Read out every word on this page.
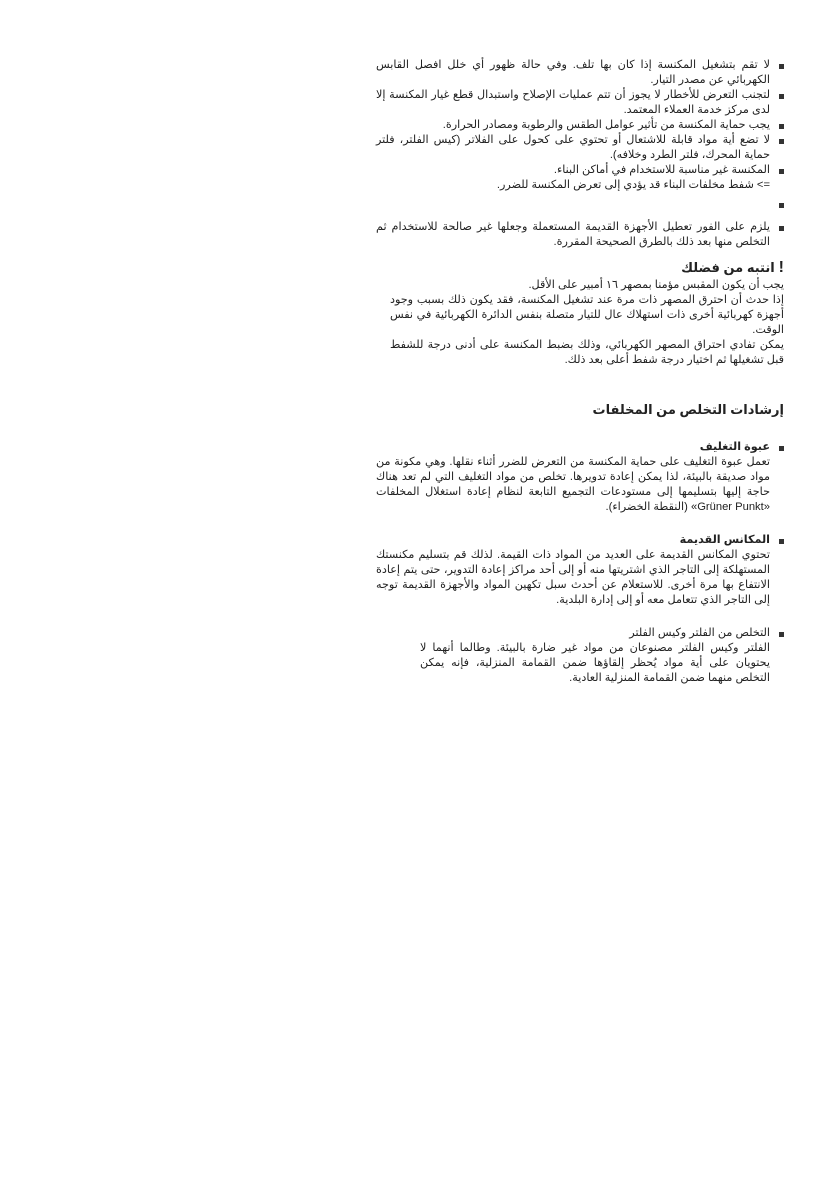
لا تقم بتشغيل المكنسة إذا كان بها تلف. وفي حالة ظهور أي خلل افصل القابس الكهربائي عن مصدر التيار.

لتجنب التعرض للأخطار لا يجوز أن تتم عمليات الإصلاح واستبدال قطع غيار المكنسة إلا لدى مركز خدمة العملاء المعتمد.

يجب حماية المكنسة من تأثير عوامل الطقس والرطوبة ومصادر الحرارة.

لا تضع أية مواد قابلة للاشتعال أو تحتوي على كحول على الفلاتر (كيس الفلتر، فلتر حماية المحرك، فلتر الطرد وخلافه).

المكنسة غير مناسبة للاستخدام في أماكن البناء.

=> شفط مخلفات البناء قد يؤدي إلى تعرض المكنسة للضرر.

يلزم على الفور تعطيل الأجهزة القديمة المستعملة وجعلها غير صالحة للاستخدام ثم التخلص منها بعد ذلك بالطرق الصحيحة المقررة.

!انتبه من فضلك

يجب أن يكون المقبس مؤمنا بمصهر ١٦ أمبير على الأقل.

إذا حدث أن احترق المصهر ذات مرة عند تشغيل المكنسة، فقد يكون ذلك بسبب وجود أجهزة كهربائية أخرى ذات استهلاك عال للتيار متصلة بنفس الدائرة الكهربائية في نفس الوقت.

يمكن تفادي احتراق المصهر الكهربائي، وذلك بضبط المكنسة على أدنى درجة للشفط قبل تشغيلها ثم اختيار درجة شفط أعلى بعد ذلك.

إرشادات التخلص من المخلفات

عبوة التغليف

تعمل عبوة التغليف على حماية المكنسة من التعرض للضرر أثناء نقلها. وهي مكونة من مواد صديقة بالبيئة، لذا يمكن إعادة تدويرها. تخلص من مواد التغليف التي لم تعد هناك حاجة إليها بتسليمها إلى مستودعات التجميع التابعة لنظام إعادة استغلال المخلفات «Grüner Punkt» (النقطة الخضراء).

المكانس القديمة

تحتوي المكانس القديمة على العديد من المواد ذات القيمة. لذلك قم بتسليم مكنستك المستهلكة إلى التاجر الذي اشتريتها منه أو إلى أحد مراكز إعادة التدوير، حتى يتم إعادة الانتفاع بها مرة أخرى. للاستعلام عن أحدث سبل تكهين المواد والأجهزة القديمة توجه إلى التاجر الذي تتعامل معه أو إلى إدارة البلدية.

التخلص من الفلتر وكيس الفلتر

الفلتر وكيس الفلتر مصنوعان من مواد غير ضارة بالبيئة. وطالما أنهما لا يحتويان على أية مواد يُحظر إلقاؤها ضمن القمامة المنزلية، فإنه يمكن التخلص منهما ضمن القمامة المنزلية العادية.
